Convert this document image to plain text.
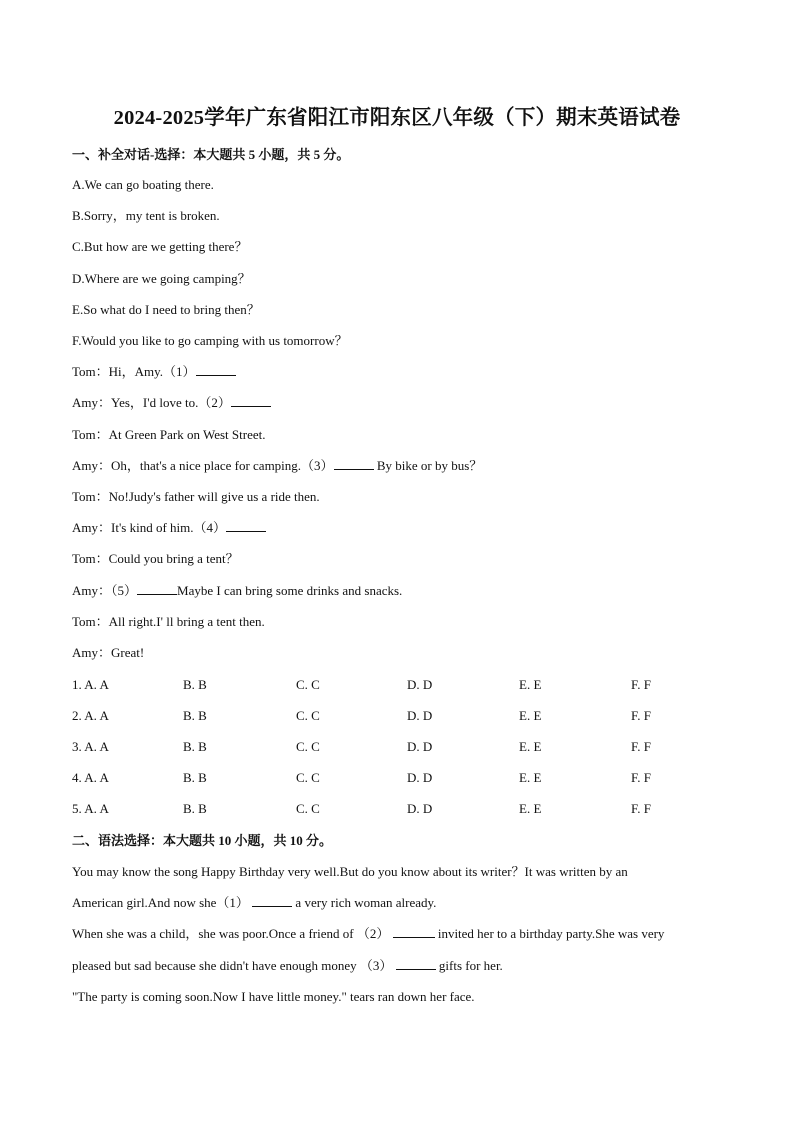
2024-2025学年广东省阳江市阳东区八年级（下）期末英语试卷
一、补全对话-选择：本大题共 5 小题，共 5 分。
A.We can go boating there.
B.Sorry，my tent is broken.
C.But how are we getting there？
D.Where are we going camping？
E.So what do I need to bring then？
F.Would you like to go camping with us tomorrow？
Tom：Hi，Amy.（1）
Amy：Yes，I'd love to.（2）
Tom：At Green Park on West Street.
Amy：Oh，that's a nice place for camping.（3）	By bike or by bus？
Tom：No!Judy's father will give us a ride then.
Amy：It's kind of him.（4）
Tom：Could you bring a tent？
Amy：（5）	Maybe I can bring some drinks and snacks.
Tom：All right.I' ll bring a tent then.
Amy：Great!
1. A. A	B. B	C. C	D. D	E. E	F. F
2. A. A	B. B	C. C	D. D	E. E	F. F
3. A. A	B. B	C. C	D. D	E. E	F. F
4. A. A	B. B	C. C	D. D	E. E	F. F
5. A. A	B. B	C. C	D. D	E. E	F. F
二、语法选择：本大题共 10 小题，共 10 分。
You may know the song Happy Birthday very well.But do you know about its writer？It was written by an
American girl.And now she（1）	a very rich woman already.
When she was a child，she was poor.Once a friend of （2）	invited her to a birthday party.She was very
pleased but sad because she didn't have enough money （3）	gifts for her.
"The party is coming soon.Now I have little money." tears ran down her face.
